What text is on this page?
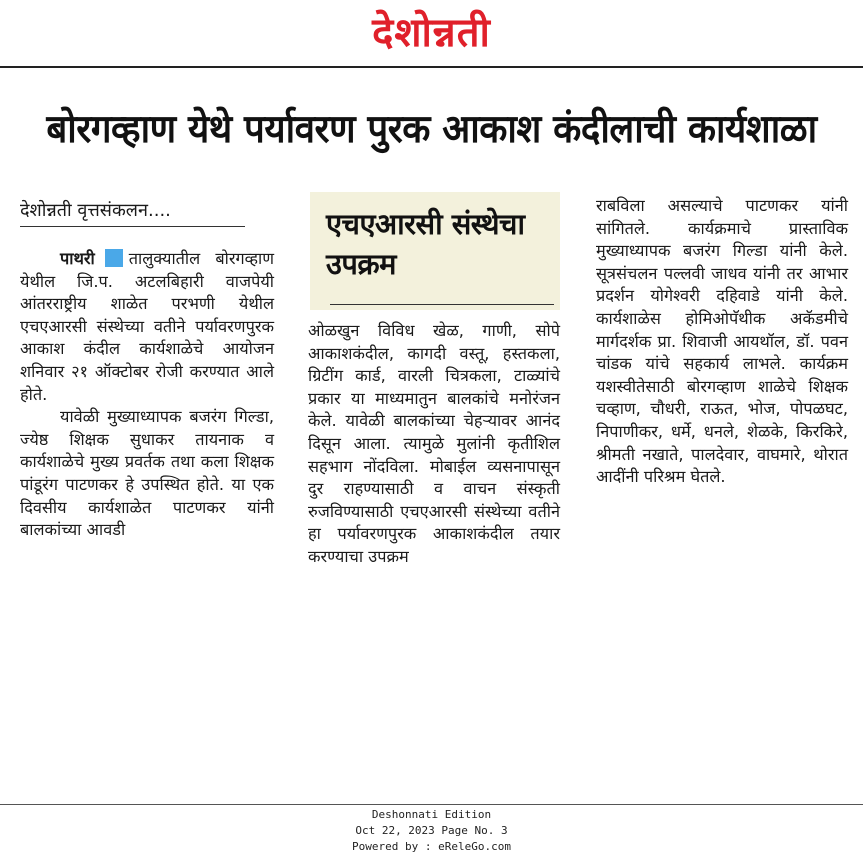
देशोन्नती
बोरगव्हाण येथे पर्यावरण पुरक आकाश कंदीलाची कार्यशाळा
देशोन्नती वृत्तसंकलन....

पाथरी तालुक्यातील बोरगव्हाण येथील जि.प. अटलबिहारी वाजपेयी आंतरराष्ट्रीय शाळेत परभणी येथील एचएआरसी संस्थेच्या वतीने पर्यावरणपुरक आकाश कंदील कार्यशाळेचे आयोजन शनिवार २१ ऑक्टोबर रोजी करण्यात आले होते.

यावेळी मुख्याध्यापक बजरंग गिल्डा, ज्येष्ठ शिक्षक सुधाकर तायनाक व कार्यशाळेचे मुख्य प्रवर्तक तथा कला शिक्षक पांडूरंग पाटणकर हे उपस्थित होते. या एक दिवसीय कार्यशाळेत पाटणकर यांनी बालकांच्या आवडी

एचएआरसी संस्थेचा उपक्रम

ओळखुन विविध खेळ, गाणी, सोपे आकाशकंदील, कागदी वस्तू, हस्तकला, ग्रिटींग कार्ड, वारली चित्रकला, टाळ्यांचे प्रकार या माध्यमातुन बालकांचे मनोरंजन केले. यावेळी बालकांच्या चेहऱ्यावर आनंद दिसून आला. त्यामुळे मुलांनी कृतीशिल सहभाग नोंदविला. मोबाईल व्यसनापासून दुर राहण्यासाठी व वाचन संस्कृती रुजविण्यासाठी एचएआरसी संस्थेच्या वतीने हा पर्यावरणपुरक आकाशकंदील तयार करण्याचा उपक्रम

राबविला असल्याचे पाटणकर यांनी सांगितले. कार्यक्रमाचे प्रास्ताविक मुख्याध्यापक बजरंग गिल्डा यांनी केले. सूत्रसंचलन पल्लवी जाधव यांनी तर आभार प्रदर्शन योगेश्वरी दहिवाडे यांनी केले. कार्यशाळेस होमिओपॅथीक अकॅडमीचे मार्गदर्शक प्रा. शिवाजी आयथॉल, डॉ. पवन चांडक यांचे सहकार्य लाभले. कार्यक्रम यशस्वीतेसाठी बोरगव्हाण शाळेचे शिक्षक चव्हाण, चौधरी, राऊत, भोज, पोपळघट, निपाणीकर, धर्मे, धनले, शेळके, किरकिरे, श्रीमती नखाते, पालदेवार, वाघमारे, थोरात आदींनी परिश्रम घेतले.

Deshonnati Edition
Oct 22, 2023 Page No. 3
Powered by : eReleGo.com
